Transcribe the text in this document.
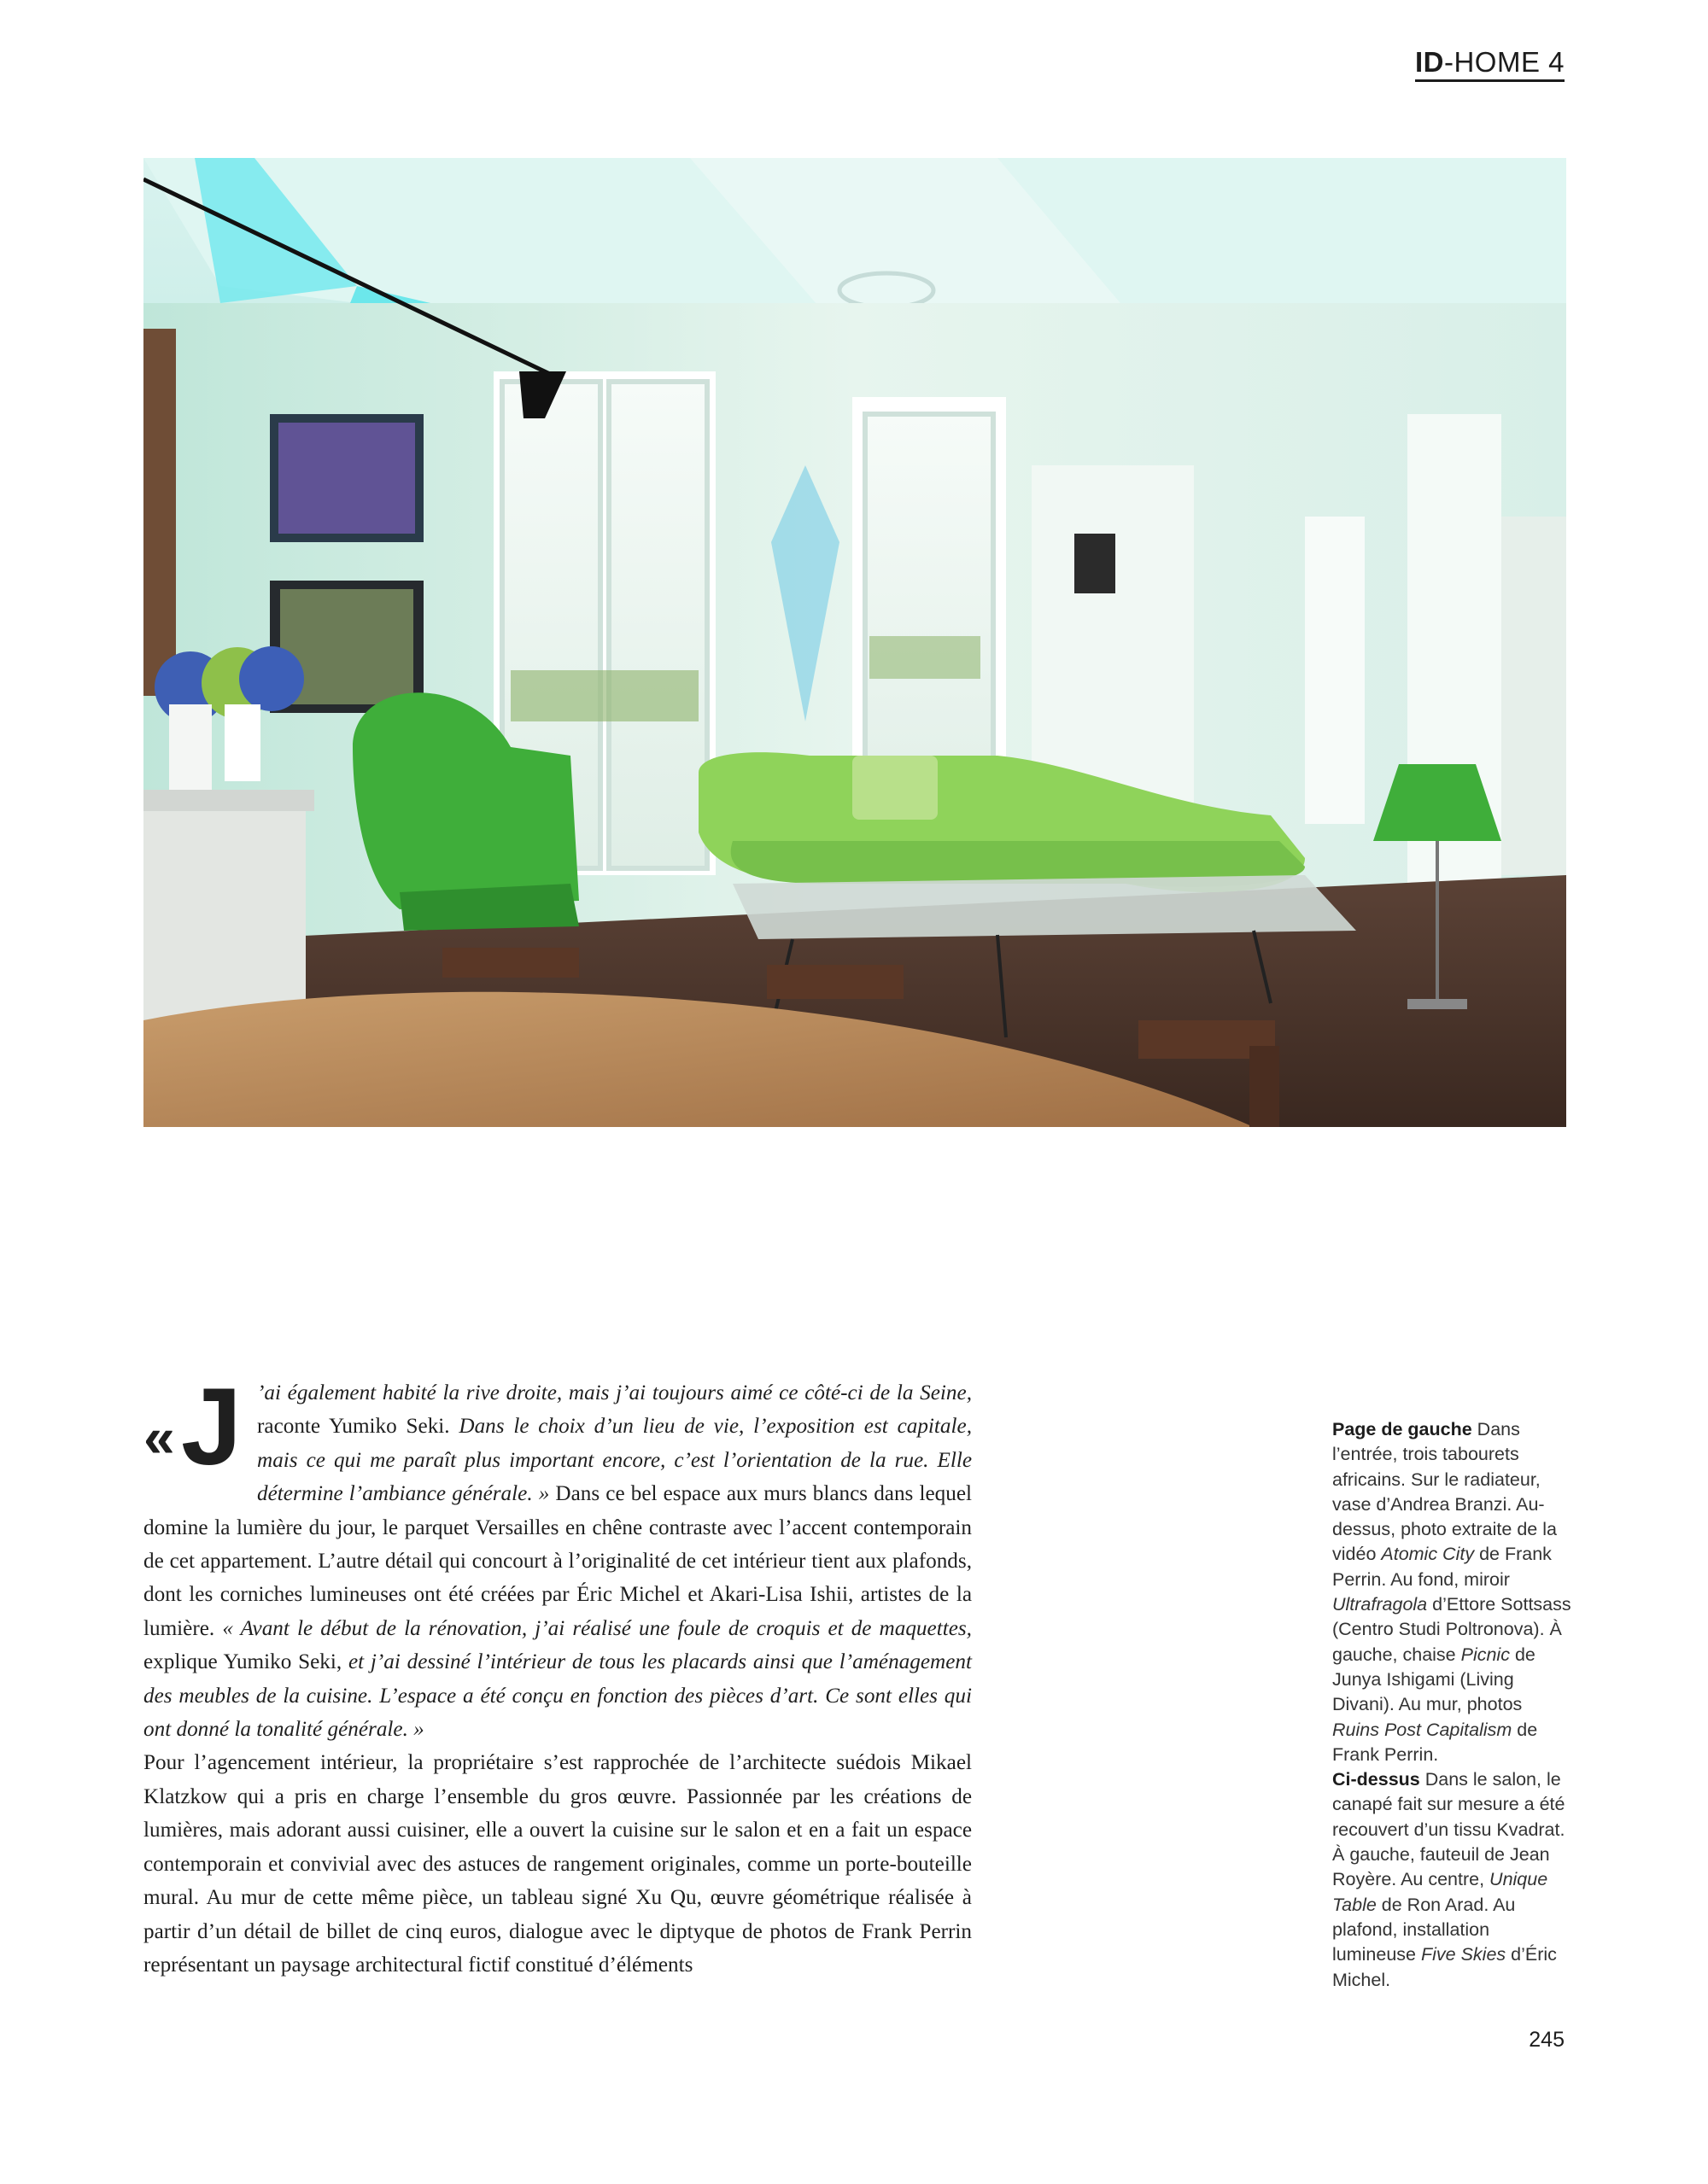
ID-HOME 4
« J ’ai également habité la rive droite, mais j’ai toujours aimé ce côté-ci de la Seine, raconte Yumiko Seki. Dans le choix d’un lieu de vie, l’exposition est capitale, mais ce qui me paraît plus important encore, c’est l’orientation de la rue. Elle détermine l’ambiance générale. » Dans ce bel espace aux murs blancs dans lequel domine la lumière du jour, le parquet Versailles en chêne contraste avec l’accent contemporain de cet appartement. L’autre détail qui concourt à l’originalité de cet intérieur tient aux plafonds, dont les corniches lumineuses ont été créées par Éric Michel et Akari-Lisa Ishii, artistes de la lumière. « Avant le début de la rénovation, j’ai réalisé une foule de croquis et de maquettes, explique Yumiko Seki, et j’ai dessiné l’intérieur de tous les placards ainsi que l’aménagement des meubles de la cuisine. L’espace a été conçu en fonction des pièces d’art. Ce sont elles qui ont donné la tonalité générale. »

Pour l’agencement intérieur, la propriétaire s’est rapprochée de l’architecte suédois Mikael Klatzkow qui a pris en charge l’ensemble du gros œuvre. Passionnée par les créations de lumières, mais adorant aussi cuisiner, elle a ouvert la cuisine sur le salon et en a fait un espace contemporain et convivial avec des astuces de rangement originales, comme un porte-bouteille mural. Au mur de cette même pièce, un tableau signé Xu Qu, œuvre géométrique réalisée à partir d’un détail de billet de cinq euros, dialogue avec le diptyque de photos de Frank Perrin représentant un paysage architectural fictif constitué d’éléments

Page de gauche Dans l’entrée, trois tabourets africains. Sur le radiateur, vase d’Andrea Branzi. Au-dessus, photo extraite de la vidéo Atomic City de Frank Perrin. Au fond, miroir Ultrafragola d’Ettore Sottsass (Centro Studi Poltronova). À gauche, chaise Picnic de Junya Ishigami (Living Divani). Au mur, photos Ruins Post Capitalism de Frank Perrin.

Ci-dessus Dans le salon, le canapé fait sur mesure a été recouvert d’un tissu Kvadrat. À gauche, fauteuil de Jean Royère. Au centre, Unique Table de Ron Arad. Au plafond, installation lumineuse Five Skies d’Éric Michel.

245
